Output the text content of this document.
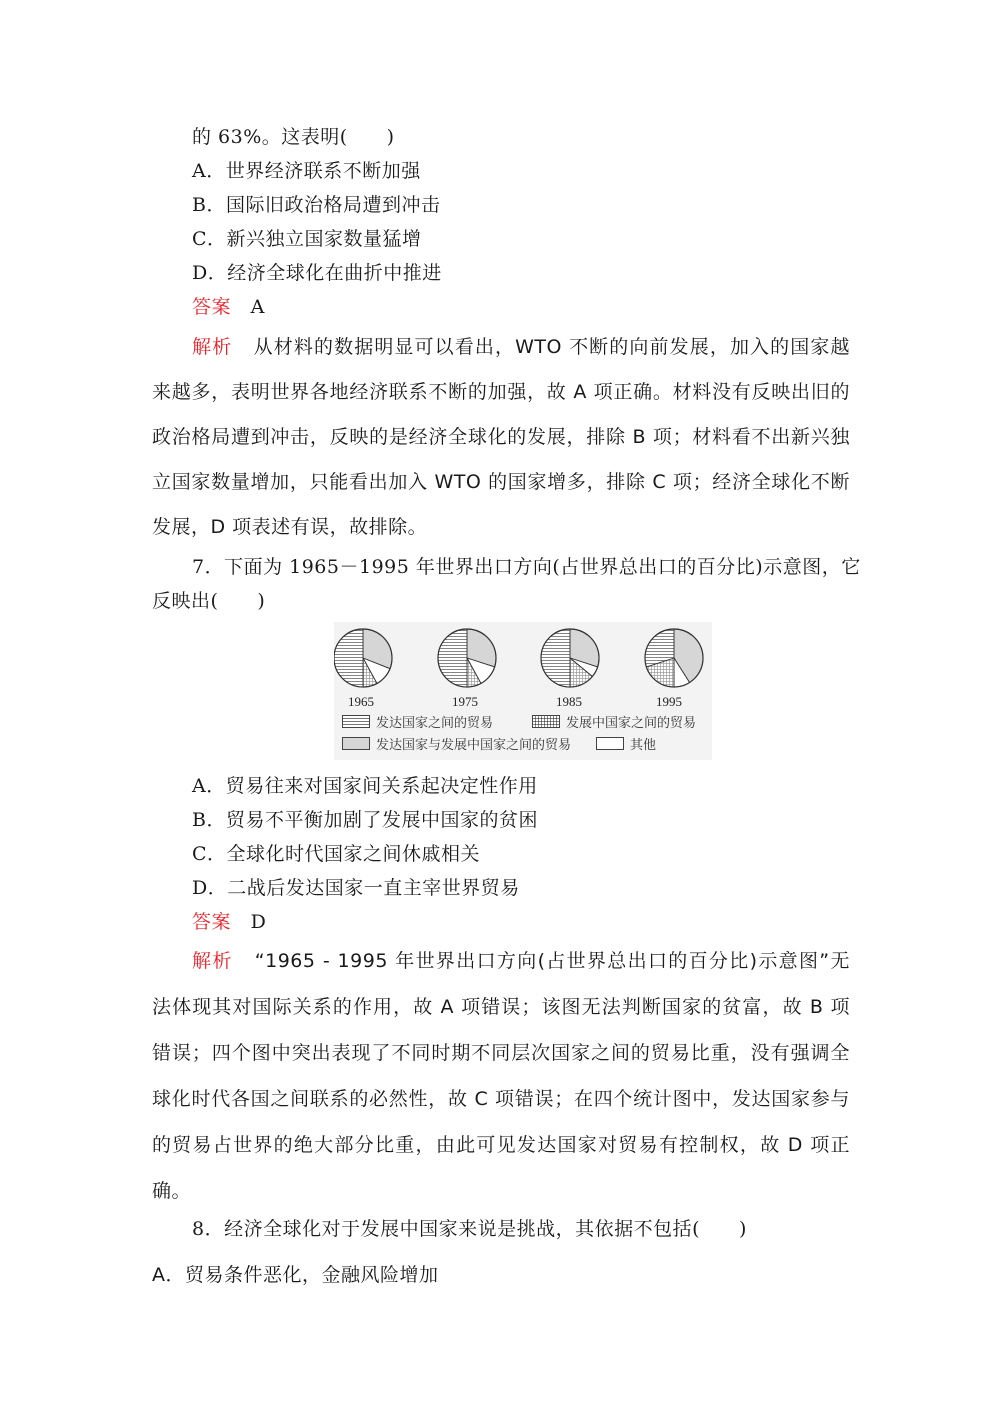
的 63%。这表明(　　)
A．世界经济联系不断加强
B．国际旧政治格局遭到冲击
C．新兴独立国家数量猛增
D．经济全球化在曲折中推进
答案 A
解析 从材料的数据明显可以看出，WTO 不断的向前发展，加入的国家越
来越多，表明世界各地经济联系不断的加强，故 A 项正确。材料没有反映出旧的
政治格局遭到冲击，反映的是经济全球化的发展，排除 B 项；材料看不出新兴独
立国家数量增加，只能看出加入 WTO 的国家增多，排除 C 项；经济全球化不断
发展，D 项表述有误，故排除。
7．下面为 1965－1995 年世界出口方向(占世界总出口的百分比)示意图，它
反映出(　　)
1965	1975	1985	1995
发达国家之间的贸易	发展中国家之间的贸易
发达国家与发展中国家之间的贸易	其他
A．贸易往来对国家间关系起决定性作用
B．贸易不平衡加剧了发展中国家的贫困
C．全球化时代国家之间休戚相关
D．二战后发达国家一直主宰世界贸易
答案 D
解析 “1965 - 1995 年世界出口方向(占世界总出口的百分比)示意图”无
法体现其对国际关系的作用，故 A 项错误；该图无法判断国家的贫富，故 B 项
错误；四个图中突出表现了不同时期不同层次国家之间的贸易比重，没有强调全
球化时代各国之间联系的必然性，故 C 项错误；在四个统计图中，发达国家参与
的贸易占世界的绝大部分比重，由此可见发达国家对贸易有控制权，故 D 项正
确。
8．经济全球化对于发展中国家来说是挑战，其依据不包括(　　)
A．贸易条件恶化，金融风险增加
